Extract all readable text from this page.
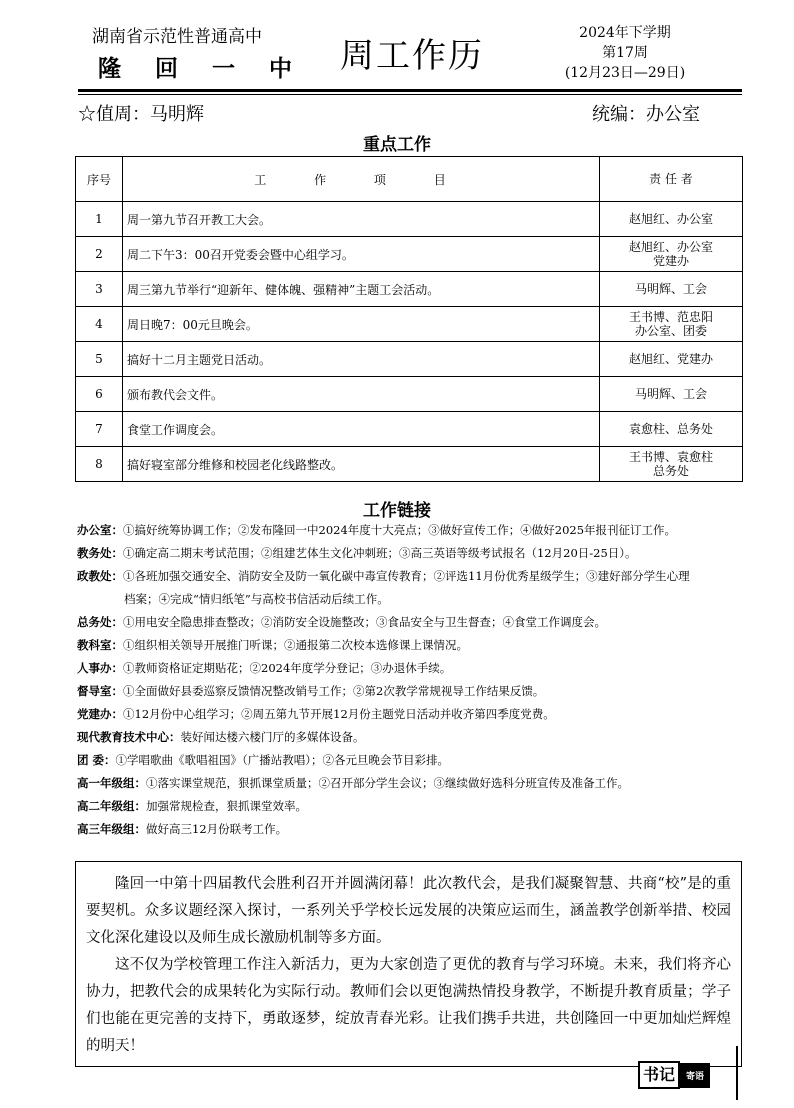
湖南省示范性普通高中
隆 回 一 中 周工作历
2024年下学期
第17周
(12月23日—29日)
☆值周：马明辉	统编：办公室
重点工作
序号	工 作 项 目	责 任 者
1	周一第九节召开教工大会。	赵旭红、办公室

2	周二下午3：00召开党委会暨中心组学习。	赵旭红、办公室
党建办

3	周三第九节举行“迎新年、健体魄、强精神”主题工会活动。	马明辉、工会

4	周日晚7：00元旦晚会。	王书博、范忠阳
办公室、团委

5	搞好十二月主题党日活动。	赵旭红、党建办

6	颁布教代会文件。	马明辉、工会

7	食堂工作调度会。	袁愈柱、总务处

8	搞好寝室部分维修和校园老化线路整改。	王书博、袁愈柱
总务处
工作链接
办公室：①搞好统筹协调工作；②发布隆回一中2024年度十大亮点；③做好宣传工作；④做好2025年报刊征订工作。
教务处：①确定高二期末考试范围；②组建艺体生文化冲刺班；③高三英语等级考试报名（12月20日-25日）。
政教处：①各班加强交通安全、消防安全及防一氧化碳中毒宣传教育；②评选11月份优秀星级学生；③建好部分学生心理
档案；④完成“情归纸笔”与高校书信活动后续工作。
总务处：①用电安全隐患排查整改；②消防安全设施整改；③食品安全与卫生督查；④食堂工作调度会。
教科室：①组织相关领导开展推门听课；②通报第二次校本选修课上课情况。
人事办：①教师资格证定期贴花；②2024年度学分登记；③办退休手续。
督导室：①全面做好县委巡察反馈情况整改销号工作；②第2次教学常规视导工作结果反馈。
党建办：①12月份中心组学习；②周五第九节开展12月份主题党日活动并收齐第四季度党费。
现代教育技术中心：装好闻达楼六楼门厅的多媒体设备。
团 委：①学唱歌曲《歌唱祖国》（广播站教唱）；②各元旦晚会节目彩排。
高一年级组：①落实课堂规范，狠抓课堂质量；②召开部分学生会议；③继续做好选科分班宣传及准备工作。
高二年级组：加强常规检查，狠抓课堂效率。
高三年级组：做好高三12月份联考工作。

隆回一中第十四届教代会胜利召开并圆满闭幕！此次教代会，是我们凝聚智慧、共商“校”是的重要契机。众多议题经深入探讨，一系列关乎学校长远发展的决策应运而生，涵盖教学创新举措、校园文化深化建设以及师生成长激励机制等多方面。

这不仅为学校管理工作注入新活力，更为大家创造了更优的教育与学习环境。未来，我们将齐心协力，把教代会的成果转化为实际行动。教师们会以更饱满热情投身教学，不断提升教育质量；学子们也能在更完善的支持下，勇敢逐梦，绽放青春光彩。让我们携手共进，共创隆回一中更加灿烂辉煌的明天！

书记	寄语
